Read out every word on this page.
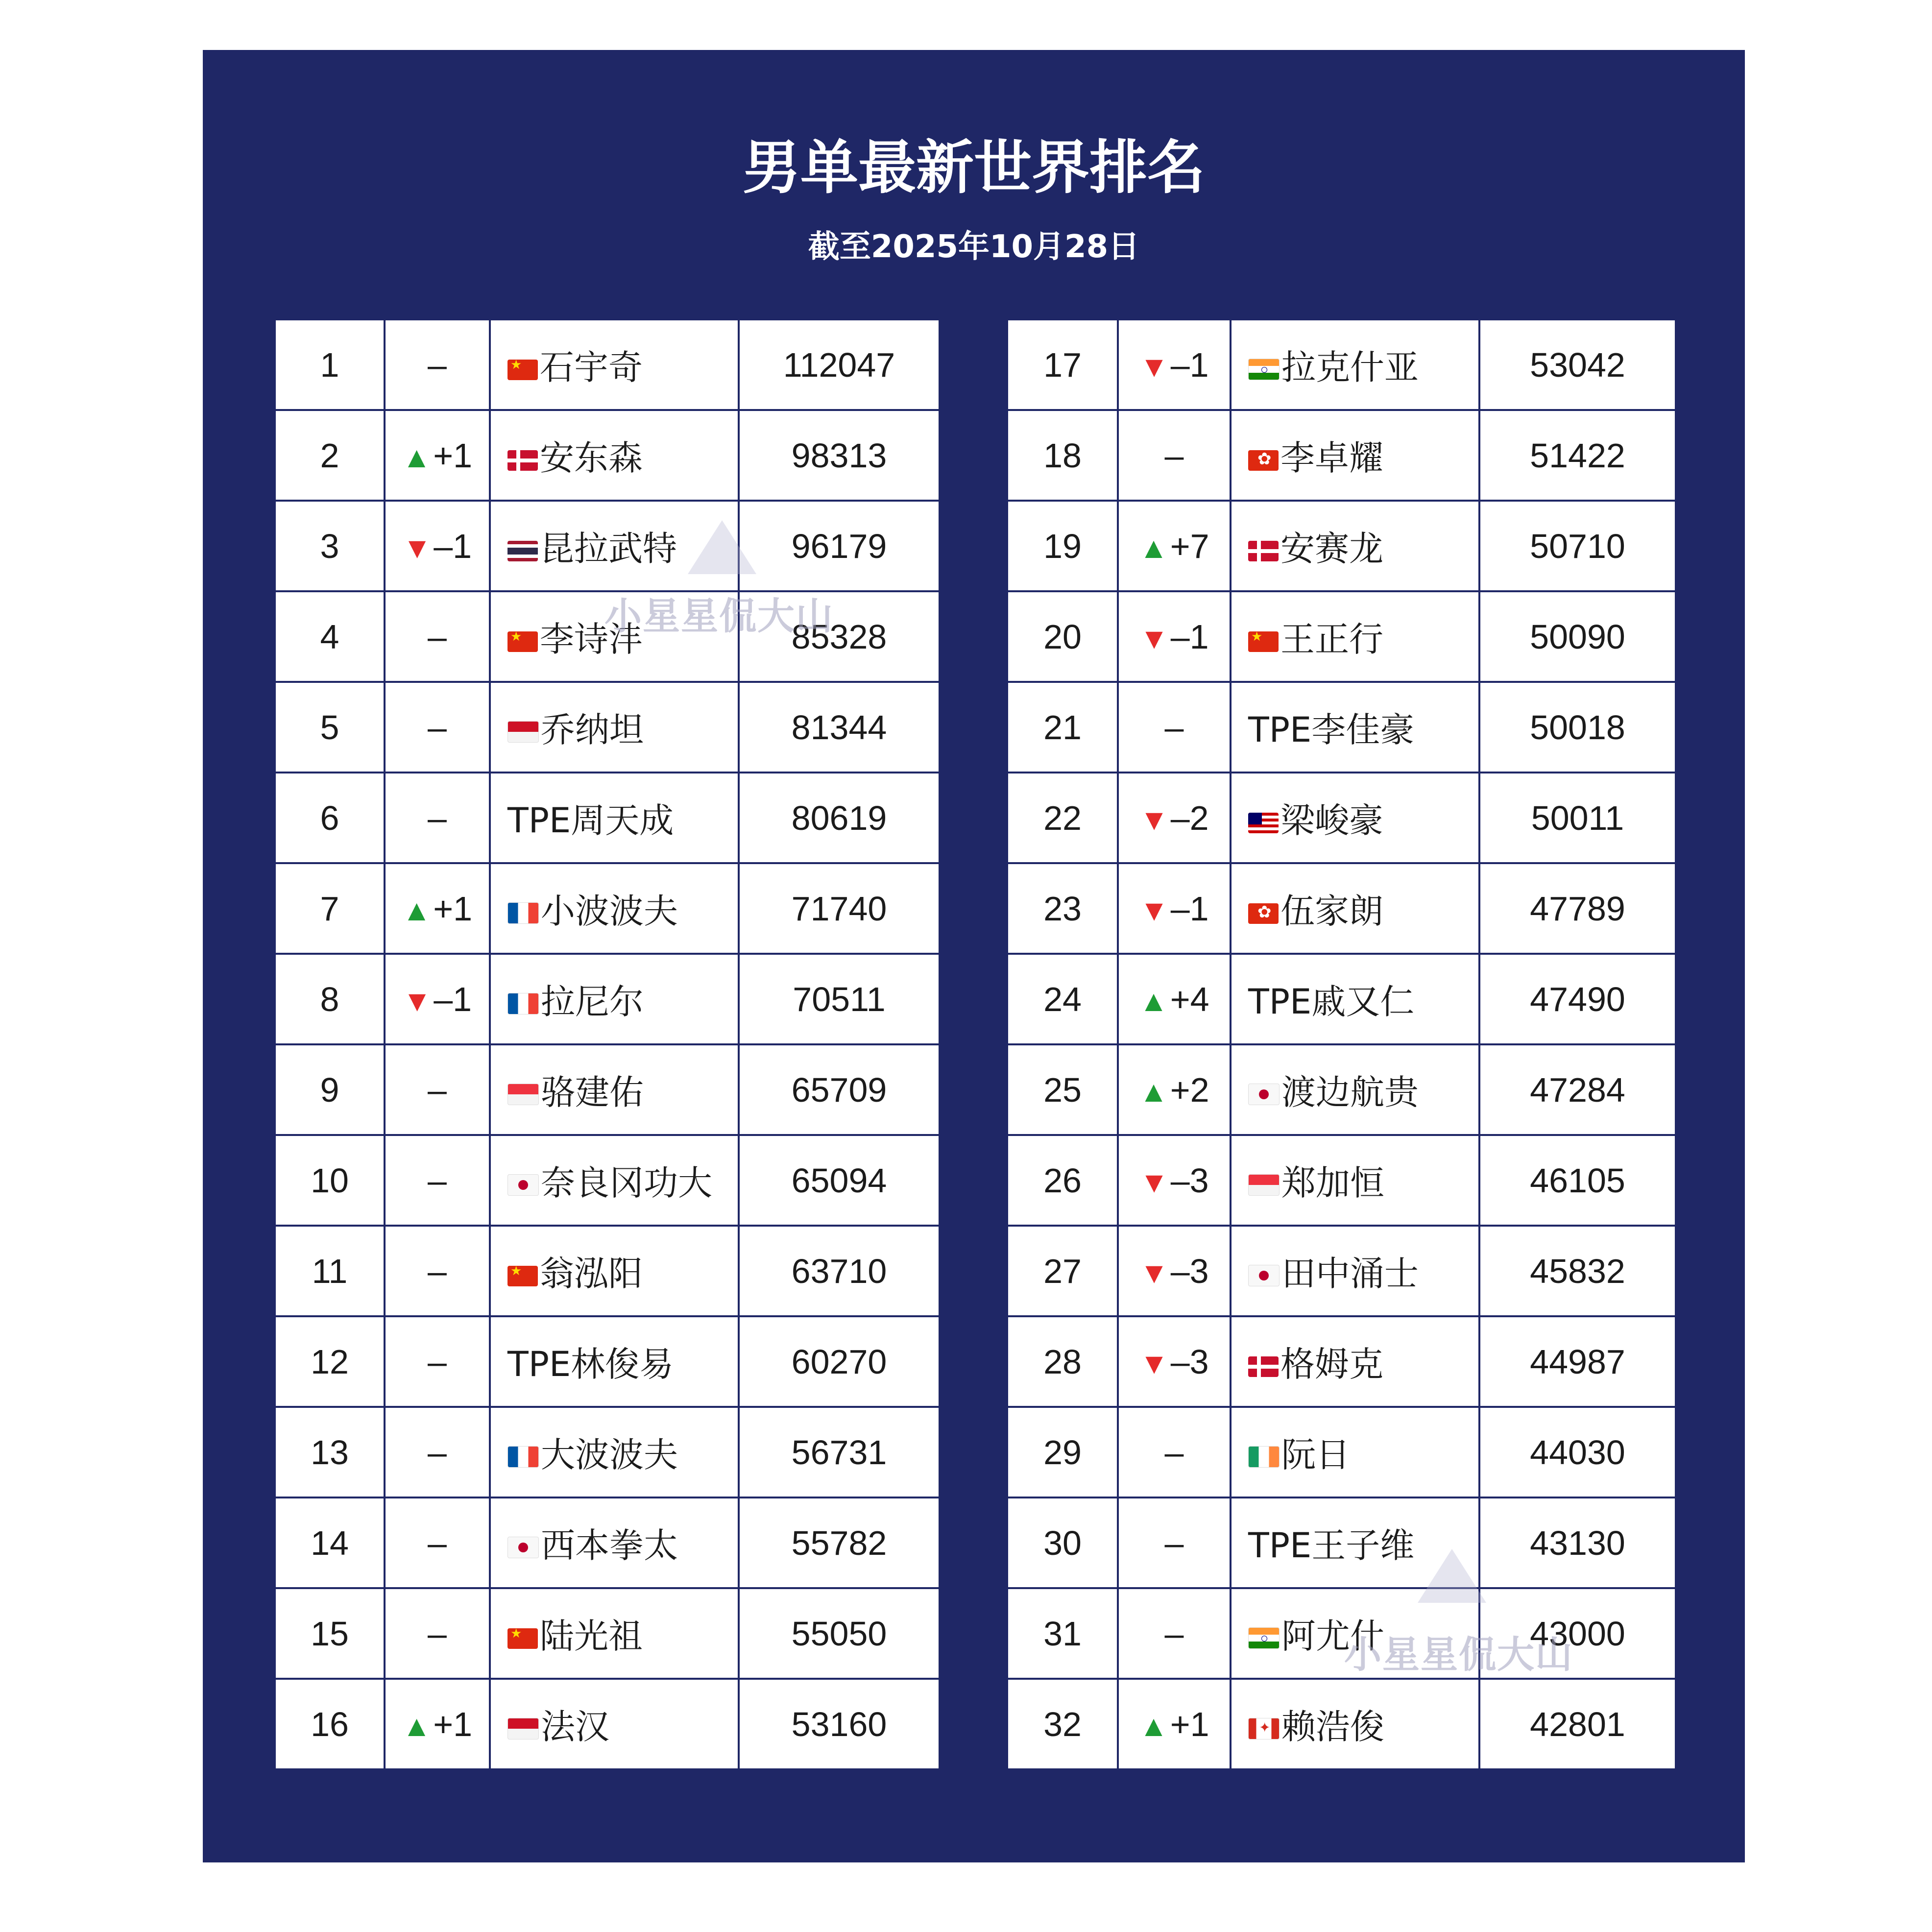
男单最新世界排名
截至2025年10月28日
1	–	★石宇奇	112047
2	▲+1	安东森	98313
3	▼–1	昆拉武特	96179
4	–	★李诗沣	85328
5	–	乔纳坦	81344
6	–	TPE周天成	80619
7	▲+1	小波波夫	71740
8	▼–1	拉尼尔	70511
9	–	骆建佑	65709
10	–	奈良冈功大	65094
11	–	★翁泓阳	63710
12	–	TPE林俊易	60270
13	–	大波波夫	56731
14	–	西本拳太	55782
15	–	★陆光祖	55050
16	▲+1	法汉	53160
17	▼–1	拉克什亚	53042
18	–	✿李卓耀	51422
19	▲+7	安赛龙	50710
20	▼–1	★王正行	50090
21	–	TPE李佳豪	50018
22	▼–2	梁峻豪	50011
23	▼–1	✿伍家朗	47789
24	▲+4	TPE戚又仁	47490
25	▲+2	渡边航贵	47284
26	▼–3	郑加恒	46105
27	▼–3	田中涌士	45832
28	▼–3	格姆克	44987
29	–	阮日	44030
30	–	TPE王子维	43130
31	–	阿尤什	43000
32	▲+1	✦赖浩俊	42801
小星星侃大山
小星星侃大山
